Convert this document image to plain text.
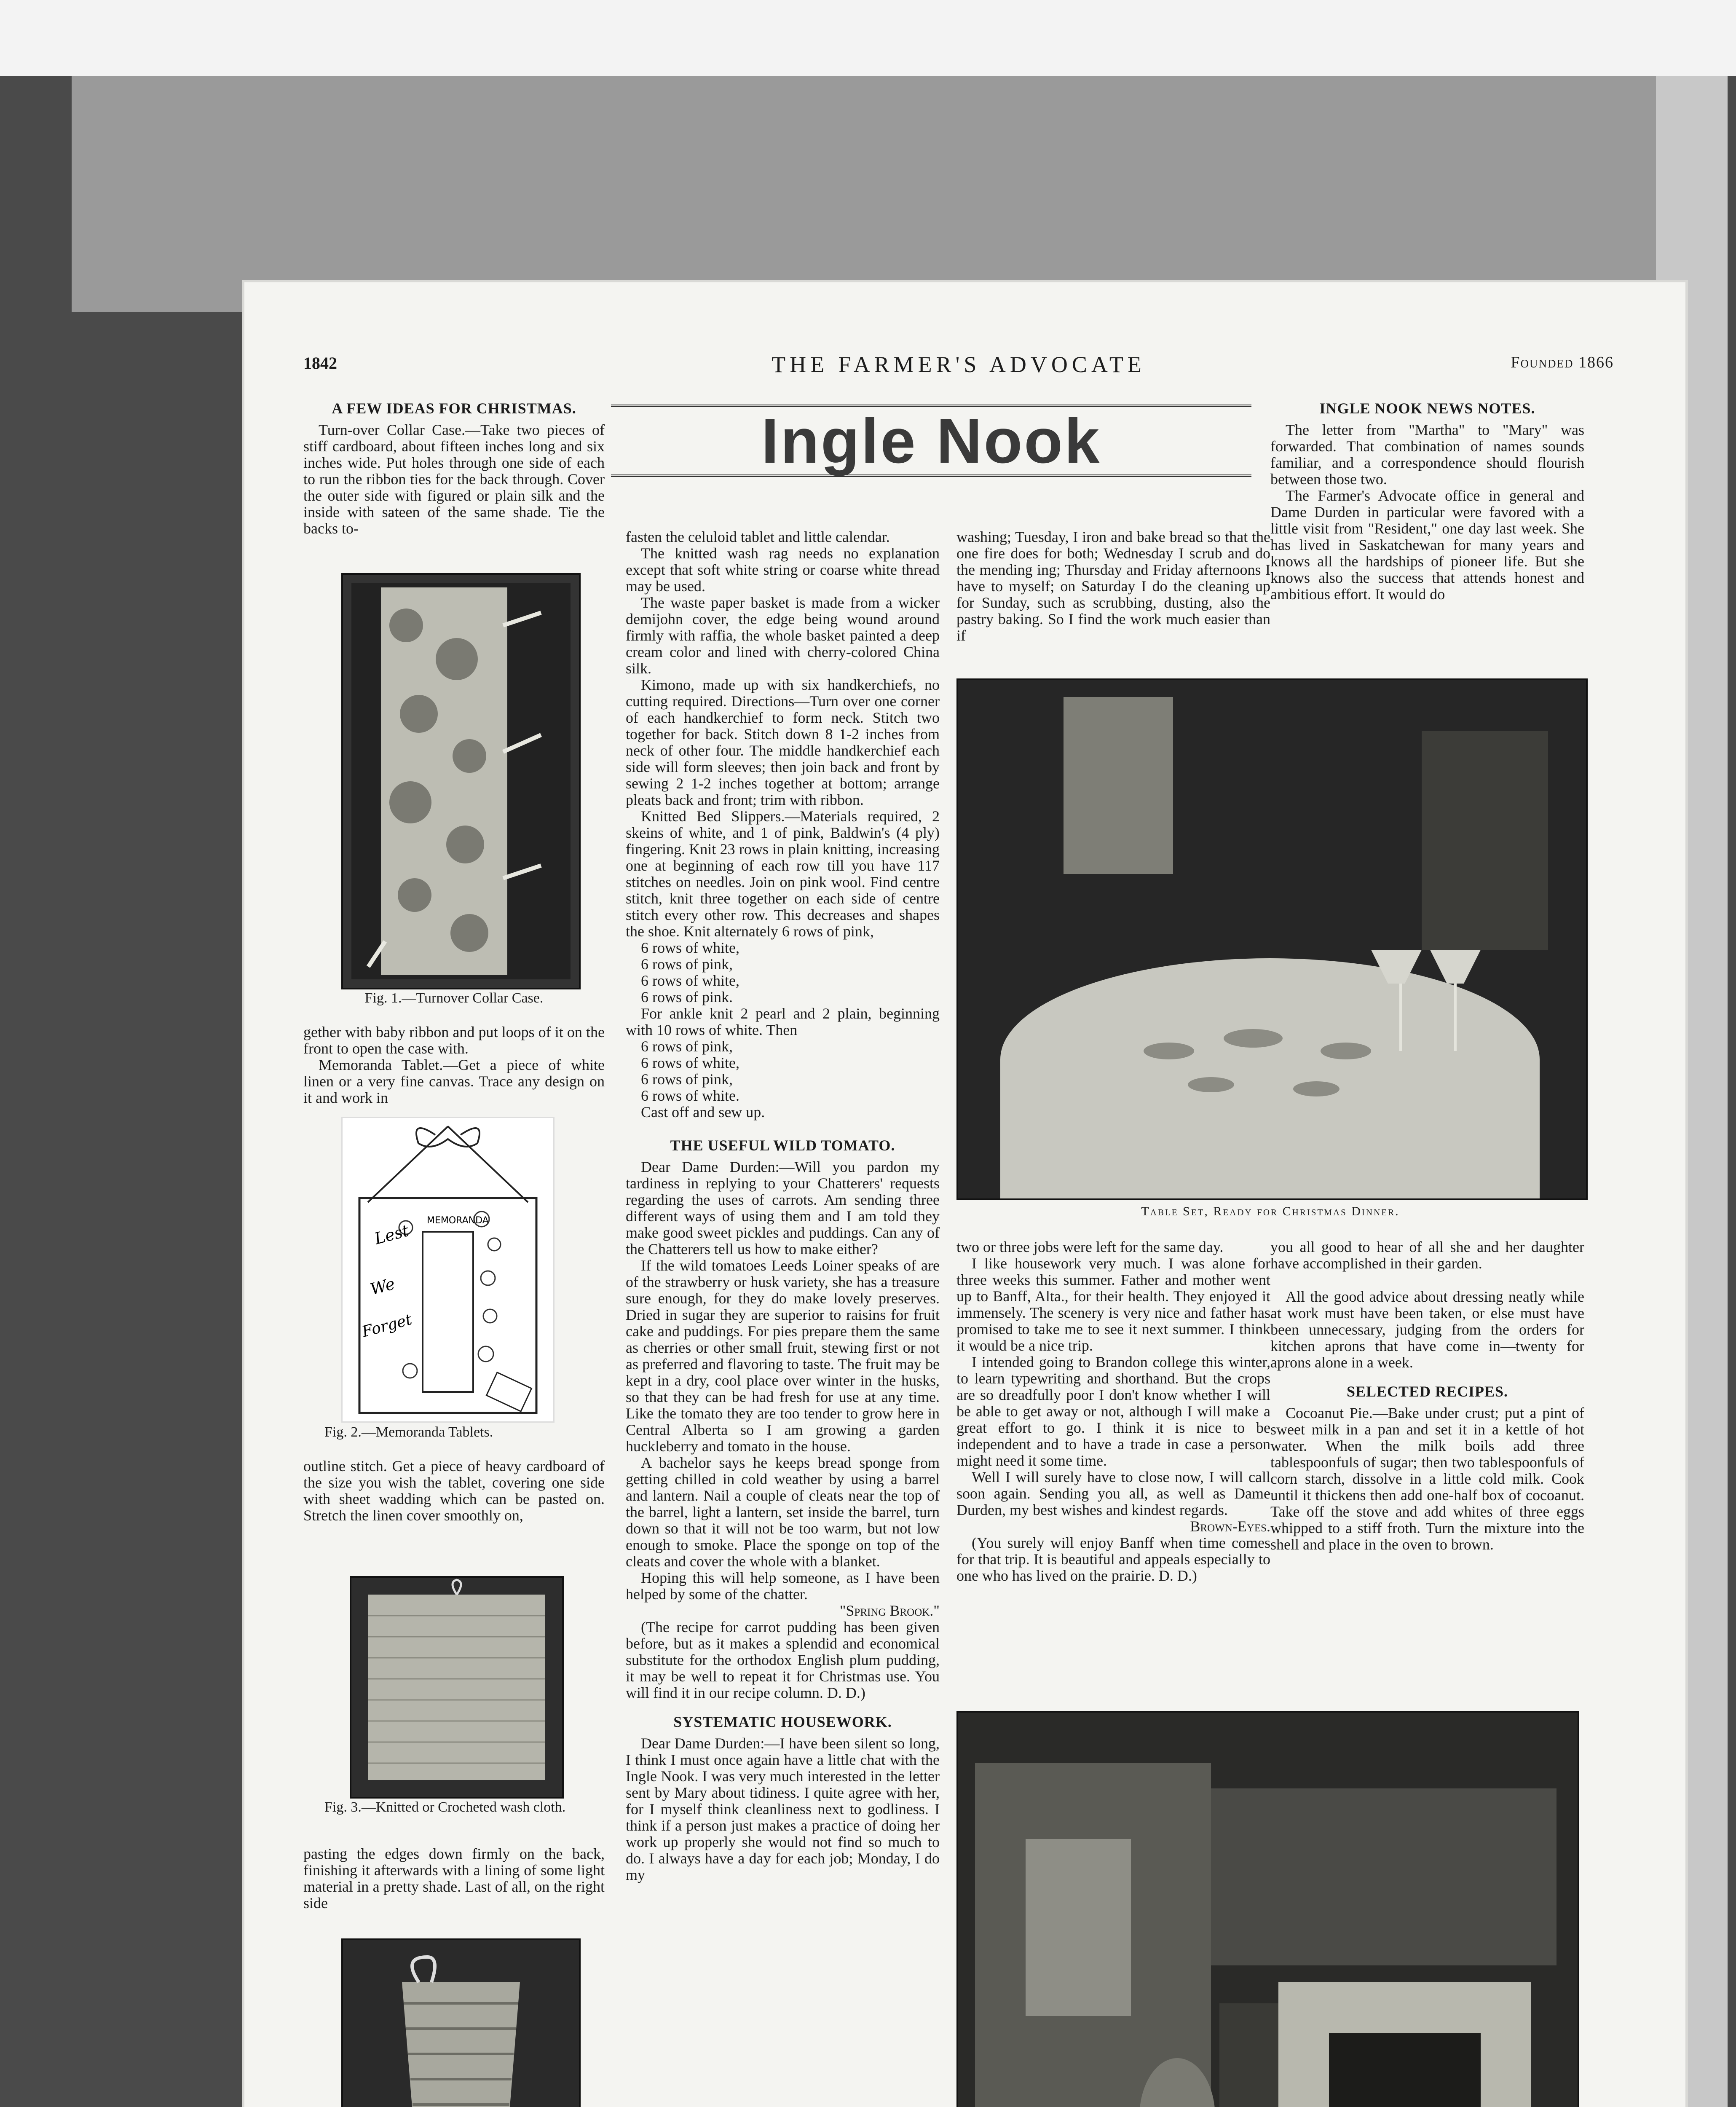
1842	THE FARMER'S ADVOCATE	Founded 1866
Ingle Nook
A FEW IDEAS FOR CHRISTMAS.

Turn-over Collar Case.—Take two pieces of stiff cardboard, about fifteen inches long and six inches wide. Put holes through one side of each to run the ribbon ties for the back through. Cover the outer side with figured or plain silk and the inside with sateen of the same shade. Tie the backs to-

Fig. 1.—Turnover Collar Case.

gether with baby ribbon and put loops of it on the front to open the case with.

Memoranda Tablet.—Get a piece of white linen or a very fine canvas. Trace any design on it and work in

Lest
We
Forget
MEMORANDA
Fig. 2.—Memoranda Tablets.

outline stitch. Get a piece of heavy cardboard of the size you wish the tablet, covering one side with sheet wadding which can be pasted on. Stretch the linen cover smoothly on,

Fig. 3.—Knitted or Crocheted wash cloth.

pasting the edges down firmly on the back, finishing it afterwards with a lining of some light material in a pretty shade. Last of all, on the right side

fasten the celuloid tablet and little calendar.

The knitted wash rag needs no explanation except that soft white string or coarse white thread may be used.

The waste paper basket is made from a wicker demijohn cover, the edge being wound around firmly with raffia, the whole basket painted a deep cream color and lined with cherry-colored China silk.

Kimono, made up with six handkerchiefs, no cutting required. Directions—Turn over one corner of each handkerchief to form neck. Stitch two together for back. Stitch down 8 1-2 inches from neck of other four. The middle handkerchief each side will form sleeves; then join back and front by sewing 2 1-2 inches together at bottom; arrange pleats back and front; trim with ribbon.

Knitted Bed Slippers.—Materials required, 2 skeins of white, and 1 of pink, Baldwin's (4 ply) fingering. Knit 23 rows in plain knitting, increasing one at beginning of each row till you have 117 stitches on needles. Join on pink wool. Find centre stitch, knit three together on each side of centre stitch every other row. This decreases and shapes the shoe. Knit alternately 6 rows of pink,

6 rows of white,

6 rows of pink,

6 rows of white,

6 rows of pink.

For ankle knit 2 pearl and 2 plain, beginning with 10 rows of white. Then

6 rows of pink,

6 rows of white,

6 rows of pink,

6 rows of white.

Cast off and sew up.

THE USEFUL WILD TOMATO.

Dear Dame Durden:—Will you pardon my tardiness in replying to your Chatterers' requests regarding the uses of carrots. Am sending three different ways of using them and I am told they make good sweet pickles and puddings. Can any of the Chatterers tell us how to make either?

If the wild tomatoes Leeds Loiner speaks of are of the strawberry or husk variety, she has a treasure sure enough, for they do make lovely preserves. Dried in sugar they are superior to raisins for fruit cake and puddings. For pies prepare them the same as cherries or other small fruit, stewing first or not as preferred and flavoring to taste. The fruit may be kept in a dry, cool place over winter in the husks, so that they can be had fresh for use at any time. Like the tomato they are too tender to grow here in Central Alberta so I am growing a garden huckleberry and tomato in the house.

A bachelor says he keeps bread sponge from getting chilled in cold weather by using a barrel and lantern. Nail a couple of cleats near the top of the barrel, light a lantern, set inside the barrel, turn down so that it will not be too warm, but not low enough to smoke. Place the sponge on top of the cleats and cover the whole with a blanket.

Hoping this will help someone, as I have been helped by some of the chatter.

"Spring Brook."

(The recipe for carrot pudding has been given before, but as it makes a splendid and economical substitute for the orthodox English plum pudding, it may be well to repeat it for Christmas use. You will find it in our recipe column. D. D.)

SYSTEMATIC HOUSEWORK.

Dear Dame Durden:—I have been silent so long, I think I must once again have a little chat with the Ingle Nook. I was very much interested in the letter sent by Mary about tidiness. I quite agree with her, for I myself think cleanliness next to godliness. I think if a person just makes a practice of doing her work up properly she would not find so much to do. I always have a day for each job; Monday, I do my

washing; Tuesday, I iron and bake bread so that the one fire does for both; Wednesday I scrub and do the mending ing; Thursday and Friday afternoons I have to myself; on Saturday I do the cleaning up for Sunday, such as scrubbing, dusting, also the pastry baking. So I find the work much easier than if

Table Set, Ready for Christmas Dinner.

two or three jobs were left for the same day.

I like housework very much. I was alone for three weeks this summer. Father and mother went up to Banff, Alta., for their health. They enjoyed it immensely. The scenery is very nice and father has promised to take me to see it next summer. I think it would be a nice trip.

I intended going to Brandon college this winter, to learn typewriting and shorthand. But the crops are so dreadfully poor I don't know whether I will be able to get away or not, although I will make a great effort to go. I think it is nice to be independent and to have a trade in case a person might need it some time.

Well I will surely have to close now, I will call soon again. Sending you all, as well as Dame Durden, my best wishes and kindest regards.

Brown-Eyes.

(You surely will enjoy Banff when time comes for that trip. It is beautiful and appeals especially to one who has lived on the prairie. D. D.)

INGLE NOOK NEWS NOTES.

The letter from "Martha" to "Mary" was forwarded. That combination of names sounds familiar, and a correspondence should flourish between those two.

The Farmer's Advocate office in general and Dame Durden in particular were favored with a little visit from "Resident," one day last week. She has lived in Saskatchewan for many years and knows all the hardships of pioneer life. But she knows also the success that attends honest and ambitious effort. It would do

you all good to hear of all she and her daughter have accomplished in their garden.

All the good advice about dressing neatly while at work must have been taken, or else must have been unnecessary, judging from the orders for kitchen aprons that have come in—twenty for aprons alone in a week.

SELECTED RECIPES.

Cocoanut Pie.—Bake under crust; put a pint of sweet milk in a pan and set it in a kettle of hot water. When the milk boils add three tablespoonfuls of sugar; then two tablespoonfuls of corn starch, dissolve in a little cold milk. Cook until it thickens then add one-half box of cocoanut. Take off the stove and add whites of three eggs whipped to a stiff froth. Turn the mixture into the shell and place in the oven to brown.
